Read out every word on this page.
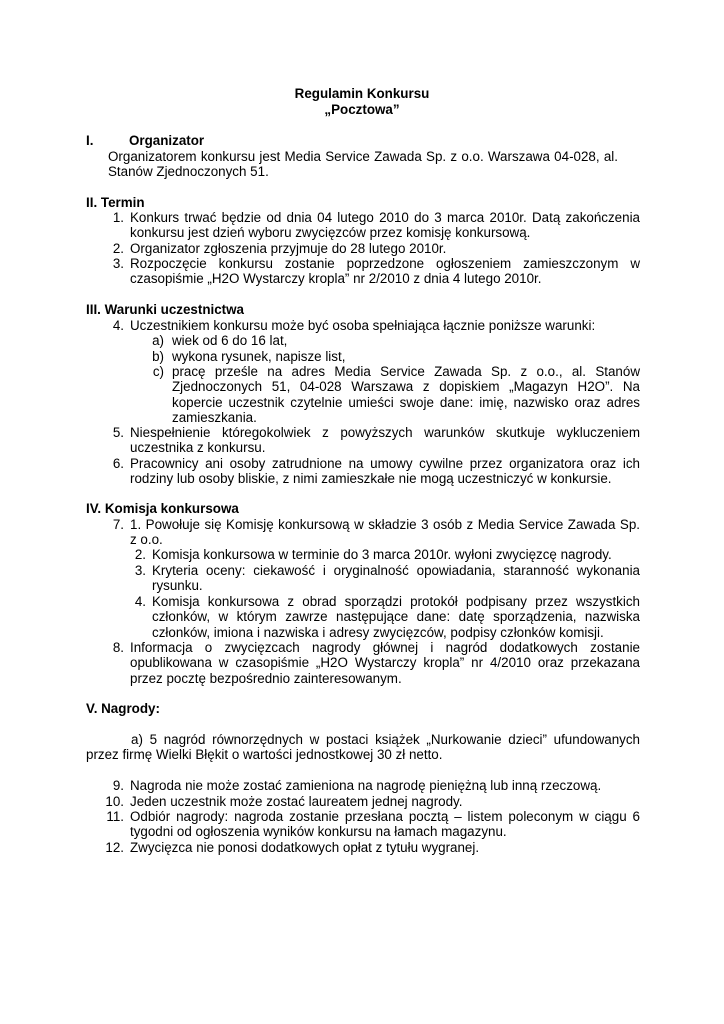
Regulamin Konkursu
„Pocztowa”
I.	Organizator
Organizatorem konkursu jest Media Service Zawada Sp. z o.o. Warszawa 04-028, al. Stanów Zjednoczonych 51.
II. Termin
1. Konkurs trwać będzie od dnia 04 lutego 2010 do 3 marca 2010r. Datą zakończenia konkursu jest dzień wyboru zwycięzców przez komisję konkursową.
2. Organizator zgłoszenia przyjmuje do 28 lutego 2010r.
3. Rozpoczęcie konkursu zostanie poprzedzone ogłoszeniem zamieszczonym w czasopiśmie „H2O Wystarczy kropla” nr 2/2010 z dnia 4 lutego 2010r.
III. Warunki uczestnictwa
4. Uczestnikiem konkursu może być osoba spełniająca łącznie poniższe warunki:
a) wiek od 6 do 16 lat,
b) wykona rysunek, napisze list,
c) pracę prześle na adres Media Service Zawada Sp. z o.o., al. Stanów Zjednoczonych 51, 04-028 Warszawa z dopiskiem „Magazyn H2O”. Na kopercie uczestnik czytelnie umieści swoje dane: imię, nazwisko oraz adres zamieszkania.
5. Niespełnienie któregokolwiek z powyższych warunków skutkuje wykluczeniem uczestnika z konkursu.
6. Pracownicy ani osoby zatrudnione na umowy cywilne przez organizatora oraz ich rodziny lub osoby bliskie, z nimi zamieszkałe nie mogą uczestniczyć w konkursie.
IV. Komisja konkursowa
7. 1. Powołuje się Komisję konkursową w składzie 3 osób z Media Service Zawada Sp. z o.o.
2. Komisja konkursowa w terminie do 3 marca 2010r. wyłoni zwycięzcę nagrody.
3. Kryteria oceny: ciekawość i oryginalność opowiadania, staranność wykonania rysunku.
4. Komisja konkursowa z obrad sporządzi protokół podpisany przez wszystkich członków, w którym zawrze następujące dane: datę sporządzenia, nazwiska członków, imiona i nazwiska i adresy zwycięzców, podpisy członków komisji.
8. Informacja o zwycięzcach nagrody głównej i nagród dodatkowych zostanie opublikowana w czasopiśmie „H2O Wystarczy kropla” nr 4/2010 oraz przekazana przez pocztę bezpośrednio zainteresowanym.
V. Nagrody:
a) 5 nagród równorzędnych w postaci książek „Nurkowanie dzieci” ufundowanych przez firmę Wielki Błękit o wartości jednostkowej 30 zł netto.
9. Nagroda nie może zostać zamieniona na nagrodę pieniężną lub inną rzeczową.
10. Jeden uczestnik może zostać laureatem jednej nagrody.
11. Odbiór nagrody: nagroda zostanie przesłana pocztą – listem poleconym w ciągu 6 tygodni od ogłoszenia wyników konkursu na łamach magazynu.
12. Zwycięzca nie ponosi dodatkowych opłat z tytułu wygranej.
